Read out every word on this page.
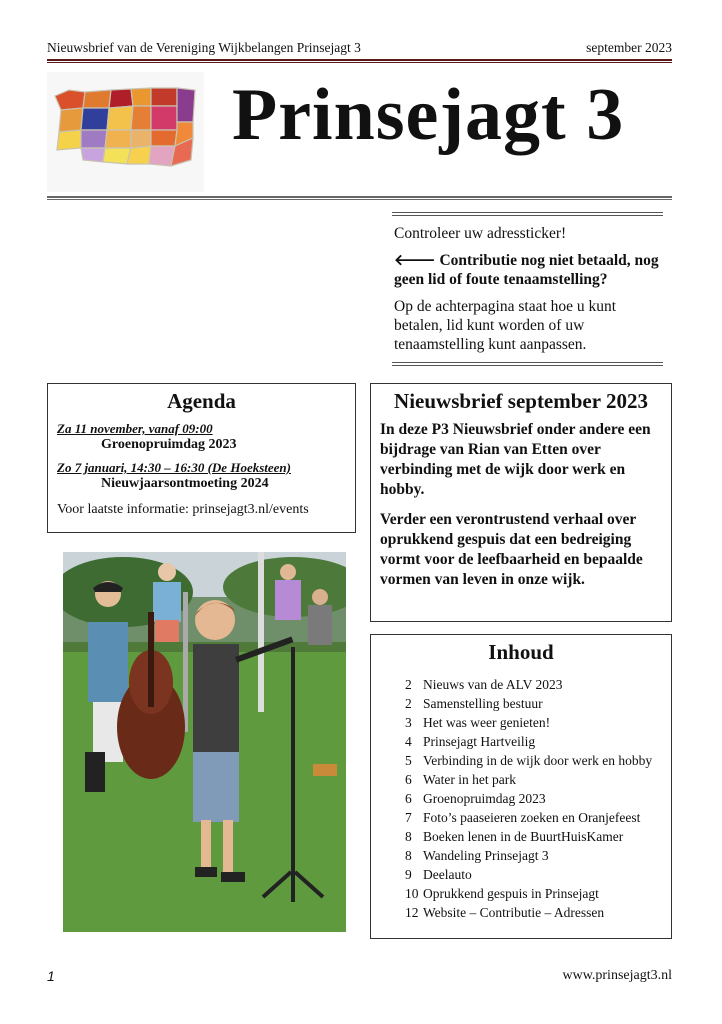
Nieuwsbrief van de Vereniging Wijkbelangen Prinsejagt 3	september 2023
Prinsejagt 3

Controleer uw adressticker!

🡐 Contributie nog niet betaald, nog geen lid of foute tenaamstelling?

Op de achterpagina staat hoe u kunt betalen, lid kunt worden of uw tenaamstelling kunt aanpassen.

Agenda
Za 11 november, vanaf 09:00
Groenopruimdag 2023
Zo 7 januari, 14:30 – 16:30 (De Hoeksteen)
Nieuwjaarsontmoeting 2024
Voor laatste informatie: prinsejagt3.nl/events
Nieuwsbrief september 2023

In deze P3 Nieuwsbrief onder andere een bijdrage van Rian van Etten over verbinding met de wijk door werk en hobby.

Verder een verontrustend verhaal over oprukkend gespuis dat een bedreiging vormt voor de leefbaarheid en bepaalde vormen van leven in onze wijk.

Inhoud
2 Nieuws van de ALV 2023
2 Samenstelling bestuur
3 Het was weer genieten!
4 Prinsejagt Hartveilig
5 Verbinding in de wijk door werk en hobby
6 Water in het park
6 Groenopruimdag 2023
7 Foto’s paaseieren zoeken en Oranjefeest
8 Boeken lenen in de BuurtHuisKamer
8 Wandeling Prinsejagt 3
9 Deelauto
10 Oprukkend gespuis in Prinsejagt
12 Website – Contributie – Adressen
1	www.prinsejagt3.nl
